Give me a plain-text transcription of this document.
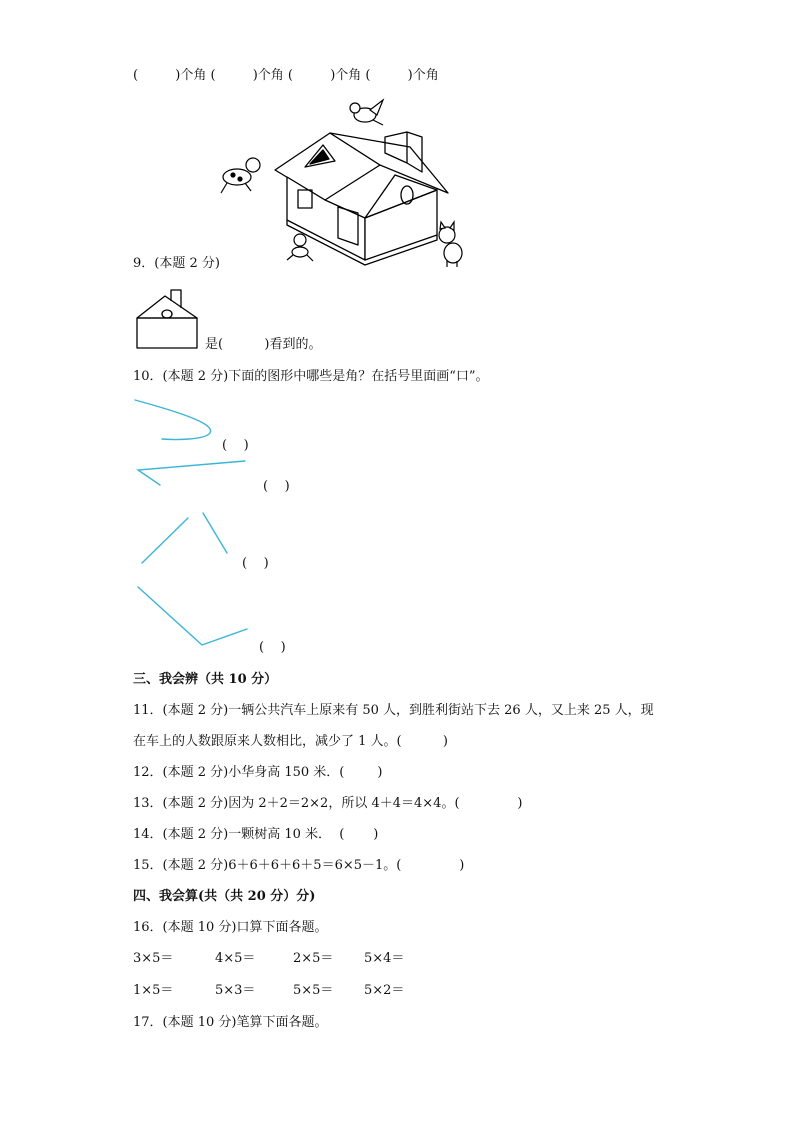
(         )个角 (         )个角 (         )个角 (         )个角
9．(本题 2 分)
是(          )看到的。
10．(本题 2 分)下面的图形中哪些是角？在括号里面画“口”。
(    )
(    )
(    )
(    )
三、我会辨（共 10 分）
11．(本题 2 分)一辆公共汽车上原来有 50 人，到胜利街站下去 26 人，又上来 25 人，现
在车上的人数跟原来人数相比，减少了 1 人。(          )
12．(本题 2 分)小华身高 150 米．(        )
13．(本题 2 分)因为 2＋2＝2×2，所以 4＋4＝4×4。(              )
14．(本题 2 分)一颗树高 10 米．  (       )
15．(本题 2 分)6＋6＋6＋6＋5＝6×5－1。(              )
四、我会算(共（共 20 分）分)
16．(本题 10 分)口算下面各题。
3×5＝	4×5＝	2×5＝ 5×4＝
1×5＝	5×3＝	5×5＝ 5×2＝
17．(本题 10 分)笔算下面各题。
